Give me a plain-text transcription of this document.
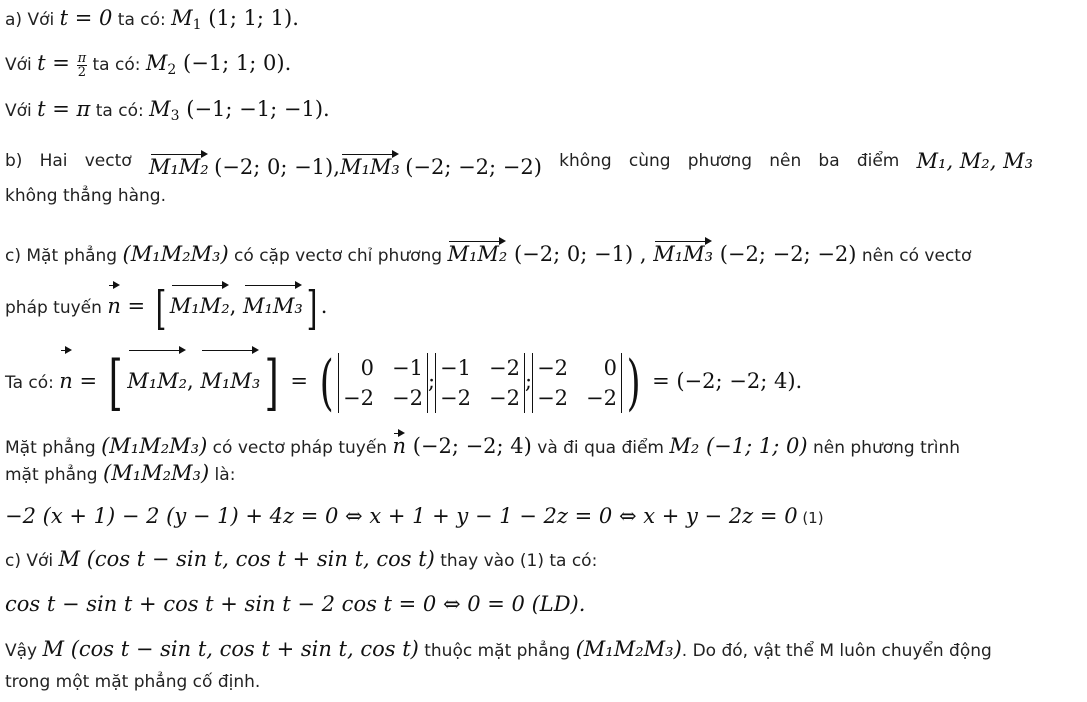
a) Với t = 0 ta có: $M_1$ (1; 1; 1).
Với $t = \frac{\pi}{2}$ ta có: $M_2$ (−1; 1; 0).
Với t = π ta có: $M_3$ (−1; −1; −1).
b) Hai vectơ M₁M₂ (−2; 0; −1),M₁M₃ (−2; −2; −2) không cùng phương nên ba điểm M₁, M₂, M₃
không thẳng hàng.
c) Mặt phẳng (M₁M₂M₃) có cặp vectơ chỉ phương M₁M₂ (−2; 0; −1) , M₁M₃ (−2; −2; −2) nên có vectơ
pháp tuyến n = [ M₁M₂, M₁M₃] .
Ta có: n = [ M₁M₂, M₁M₃] = (	0 −1
−2 −2
;
−1 −2
−2 −2
;
−2	0
−2 −2 ) = (−2; −2; 4).
Mặt phẳng (M₁M₂M₃) có vectơ pháp tuyến n (−2; −2; 4) và đi qua điểm M₂ (−1; 1; 0) nên phương trình
mặt phẳng (M₁M₂M₃) là:
−2 (x + 1) − 2 (y − 1) + 4z = 0 ⇔ x + 1 + y − 1 − 2z = 0 ⇔ x + y − 2z = 0 (1)
c) Với M (cos t − sin t, cos t + sin t, cos t) thay vào (1) ta có:
cos t − sin t + cos t + sin t − 2 cos t = 0 ⇔ 0 = 0 (LD).
Vậy M (cos t − sin t, cos t + sin t, cos t) thuộc mặt phẳng (M₁M₂M₃). Do đó, vật thể M luôn chuyển động
trong một mặt phẳng cố định.
